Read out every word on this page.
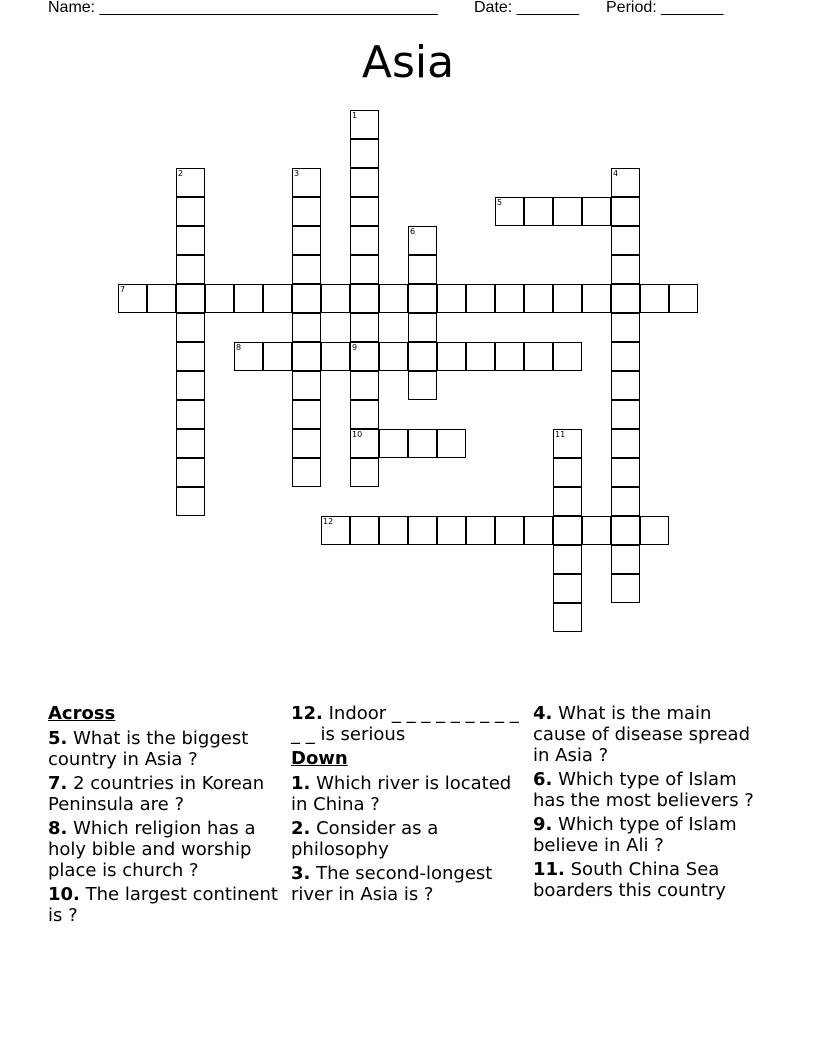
Name: ______________________________________ Date: _______ Period: _______
Asia
1
2	3	4
5
6
7
8	9
10	11
12
Across
5. What is the biggest country in Asia ?
7. 2 countries in Korean Peninsula are ?
8. Which religion has a holy bible and worship place is church ?
10. The largest continent is ?
12. Indoor _ _ _ _ _ _ _ _ _ _ _ is serious
Down
1. Which river is located in China ?
2. Consider as a philosophy
3. The second-longest river in Asia is ?
4. What is the main cause of disease spread in Asia ?
6. Which type of Islam has the most believers ?
9. Which type of Islam believe in Ali ?
11. South China Sea boarders this country
